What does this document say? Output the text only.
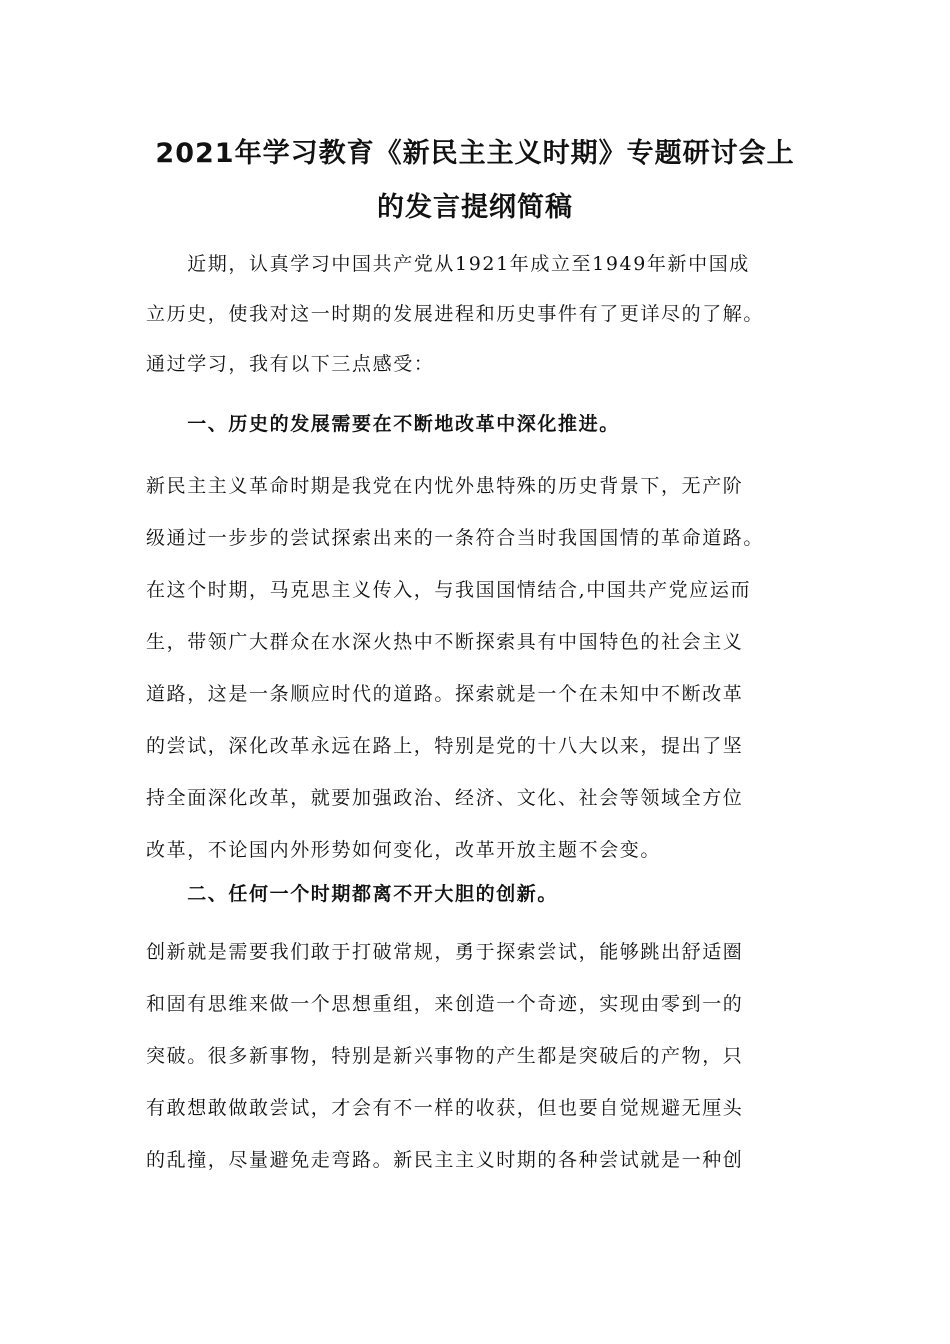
2021年学习教育《新民主主义时期》专题研讨会上
的发言提纲简稿

　　近期，认真学习中国共产党从1921年成立至1949年新中国成

立历史，使我对这一时期的发展进程和历史事件有了更详尽的了解。

通过学习，我有以下三点感受：

　　一、历史的发展需要在不断地改革中深化推进。

新民主主义革命时期是我党在内忧外患特殊的历史背景下，无产阶

级通过一步步的尝试探索出来的一条符合当时我国国情的革命道路。

在这个时期，马克思主义传入，与我国国情结合,中国共产党应运而

生，带领广大群众在水深火热中不断探索具有中国特色的社会主义

道路，这是一条顺应时代的道路。探索就是一个在未知中不断改革

的尝试，深化改革永远在路上，特别是党的十八大以来，提出了坚

持全面深化改革，就要加强政治、经济、文化、社会等领域全方位

改革，不论国内外形势如何变化，改革开放主题不会变。

　　二、任何一个时期都离不开大胆的创新。

创新就是需要我们敢于打破常规，勇于探索尝试，能够跳出舒适圈

和固有思维来做一个思想重组，来创造一个奇迹，实现由零到一的

突破。很多新事物，特别是新兴事物的产生都是突破后的产物，只

有敢想敢做敢尝试，才会有不一样的收获，但也要自觉规避无厘头

的乱撞，尽量避免走弯路。新民主主义时期的各种尝试就是一种创
